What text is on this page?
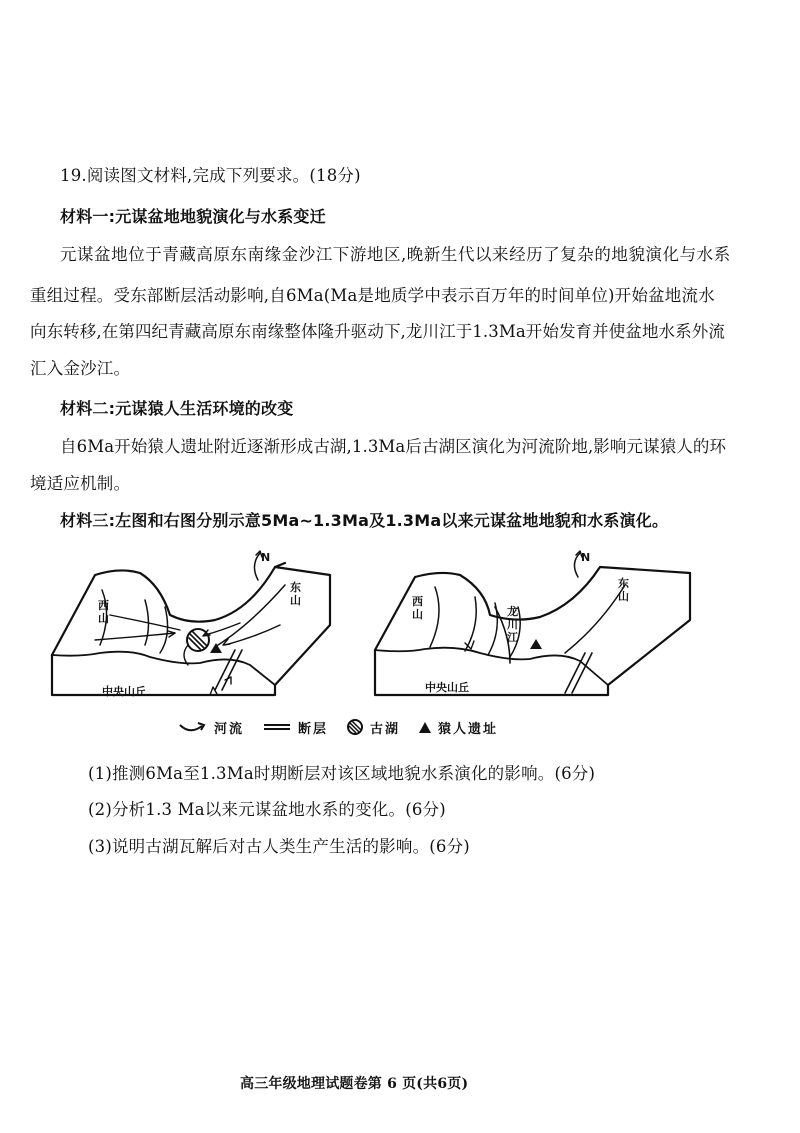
19.阅读图文材料,完成下列要求。(18分)
材料一:元谋盆地地貌演化与水系变迁
元谋盆地位于青藏高原东南缘金沙江下游地区,晚新生代以来经历了复杂的地貌演化与水系
重组过程。受东部断层活动影响,自6Ma(Ma是地质学中表示百万年的时间单位)开始盆地流水
向东转移,在第四纪青藏高原东南缘整体隆升驱动下,龙川江于1.3Ma开始发育并使盆地水系外流
汇入金沙江。
材料二:元谋猿人生活环境的改变
自6Ma开始猿人遗址附近逐渐形成古湖,1.3Ma后古湖区演化为河流阶地,影响元谋猿人的环
境适应机制。
材料三:左图和右图分别示意5Ma~1.3Ma及1.3Ma以来元谋盆地地貌和水系演化。
N
西山
东山
中央山丘
N
西山
东山
龙川江
中央山丘
河流	断层	古湖	猿人遗址
(1)推测6Ma至1.3Ma时期断层对该区域地貌水系演化的影响。(6分)
(2)分析1.3 Ma以来元谋盆地水系的变化。(6分)
(3)说明古湖瓦解后对古人类生产生活的影响。(6分)
高三年级地理试题卷第 6 页(共6页)
